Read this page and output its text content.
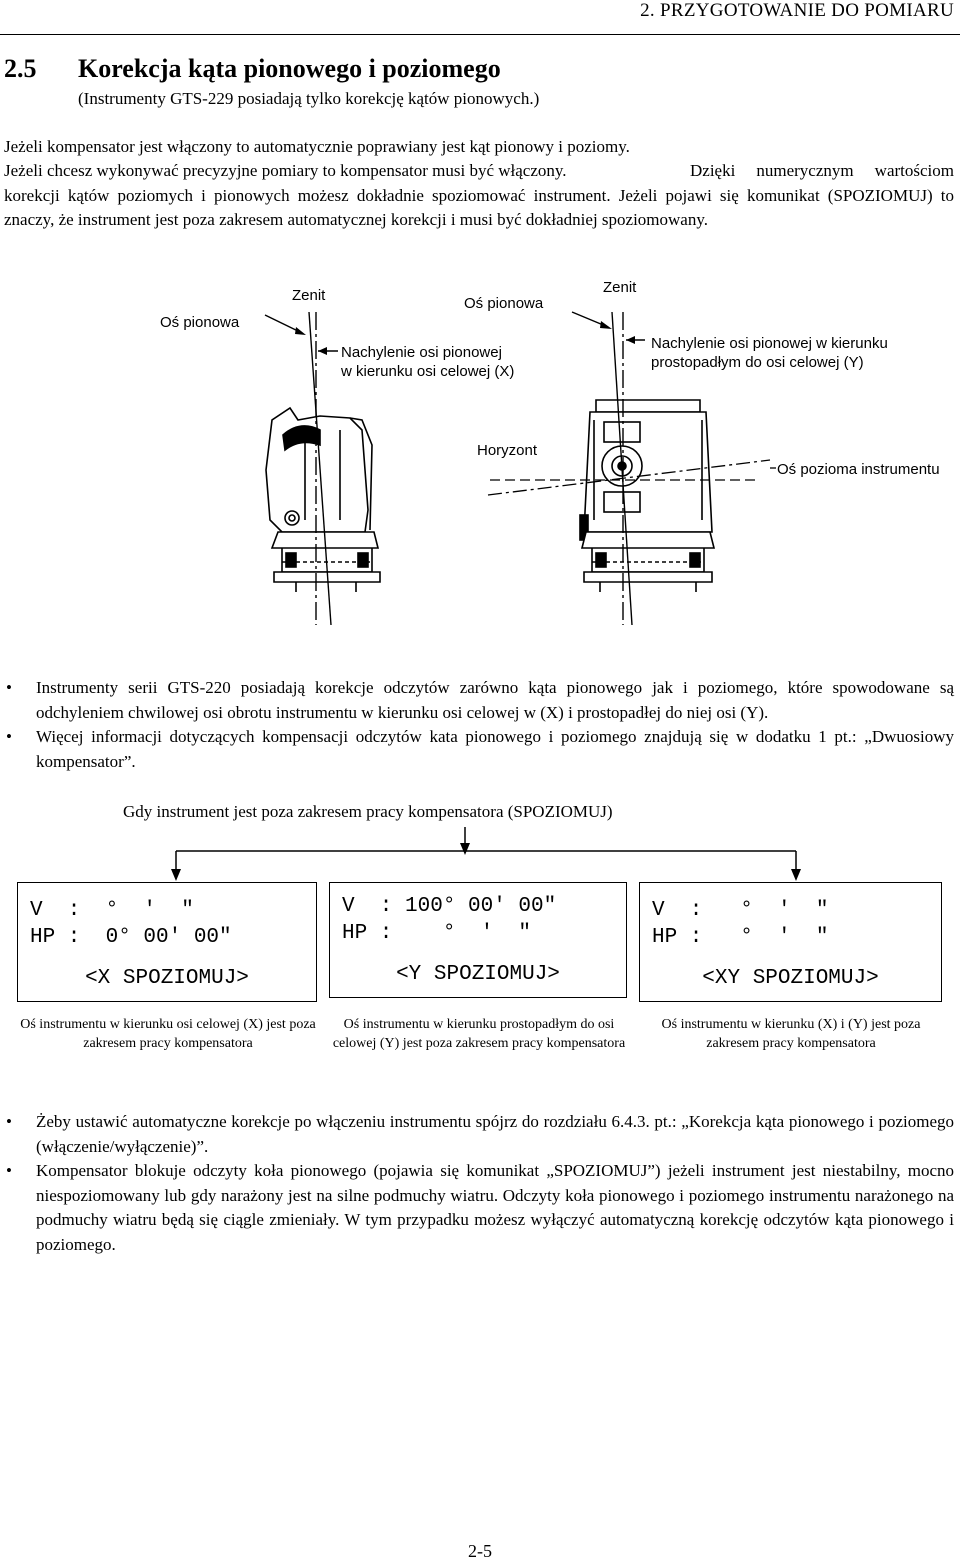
2. PRZYGOTOWANIE DO POMIARU
2.5 Korekcja kąta pionowego i poziomego
(Instrumenty GTS-229 posiadają tylko korekcję kątów pionowych.)
Jeżeli kompensator jest włączony to automatycznie poprawiany jest kąt pionowy i poziomy.
Jeżeli chcesz wykonywać precyzyjne pomiary to kompensator musi być włączony.	Dzięki numerycznym wartościom korekcji kątów poziomych i pionowych możesz dokładnie spoziomować instrument. Jeżeli pojawi się komunikat (SPOZIOMUJ) to znaczy, że instrument jest poza zakresem automatycznej korekcji i musi być dokładniej spoziomowany.

Oś pionowa
Zenit
Nachylenie osi pionowej
w kierunku osi celowej (X)
Oś pionowa
Zenit
Nachylenie osi pionowej w kierunku
prostopadłym do osi celowej (Y)
Horyzont
Oś pozioma instrumentu

• Instrumenty serii GTS-220 posiadają korekcje odczytów zarówno kąta pionowego jak i poziomego, które spowodowane są odchyleniem chwilowej osi obrotu instrumentu w kierunku osi celowej w (X) i prostopadłej do niej osi (Y).

• Więcej informacji dotyczących kompensacji odczytów kata pionowego i poziomego znajdują się w dodatku 1 pt.: „Dwuosiowy kompensator”.

Gdy instrument jest poza zakresem pracy kompensatora (SPOZIOMUJ)
V  :  °  '  "
HP :  0° 00' 00"
<X SPOZIOMUJ>
V  : 100° 00' 00"
HP :    °  '  "
<Y SPOZIOMUJ>
V  :   °  '  "
HP :   °  '  "
<XY SPOZIOMUJ>
Oś instrumentu w kierunku osi celowej (X) jest poza zakresem pracy kompensatora
Oś instrumentu w kierunku prostopadłym do osi celowej (Y) jest poza zakresem pracy kompensatora
Oś instrumentu w kierunku (X) i (Y) jest poza zakresem pracy kompensatora

• Żeby ustawić automatyczne korekcje po włączeniu instrumentu spójrz do rozdziału 6.4.3. pt.: „Korekcja kąta pionowego i poziomego (włączenie/wyłączenie)”.

• Kompensator blokuje odczyty koła pionowego (pojawia się komunikat „SPOZIOMUJ”) jeżeli instrument jest niestabilny, mocno niespoziomowany lub gdy narażony jest na silne podmuchy wiatru. Odczyty koła pionowego i poziomego instrumentu narażonego na podmuchy wiatru będą się ciągle zmieniały. W tym przypadku możesz wyłączyć automatyczną korekcję odczytów kąta pionowego i poziomego.

2-5
